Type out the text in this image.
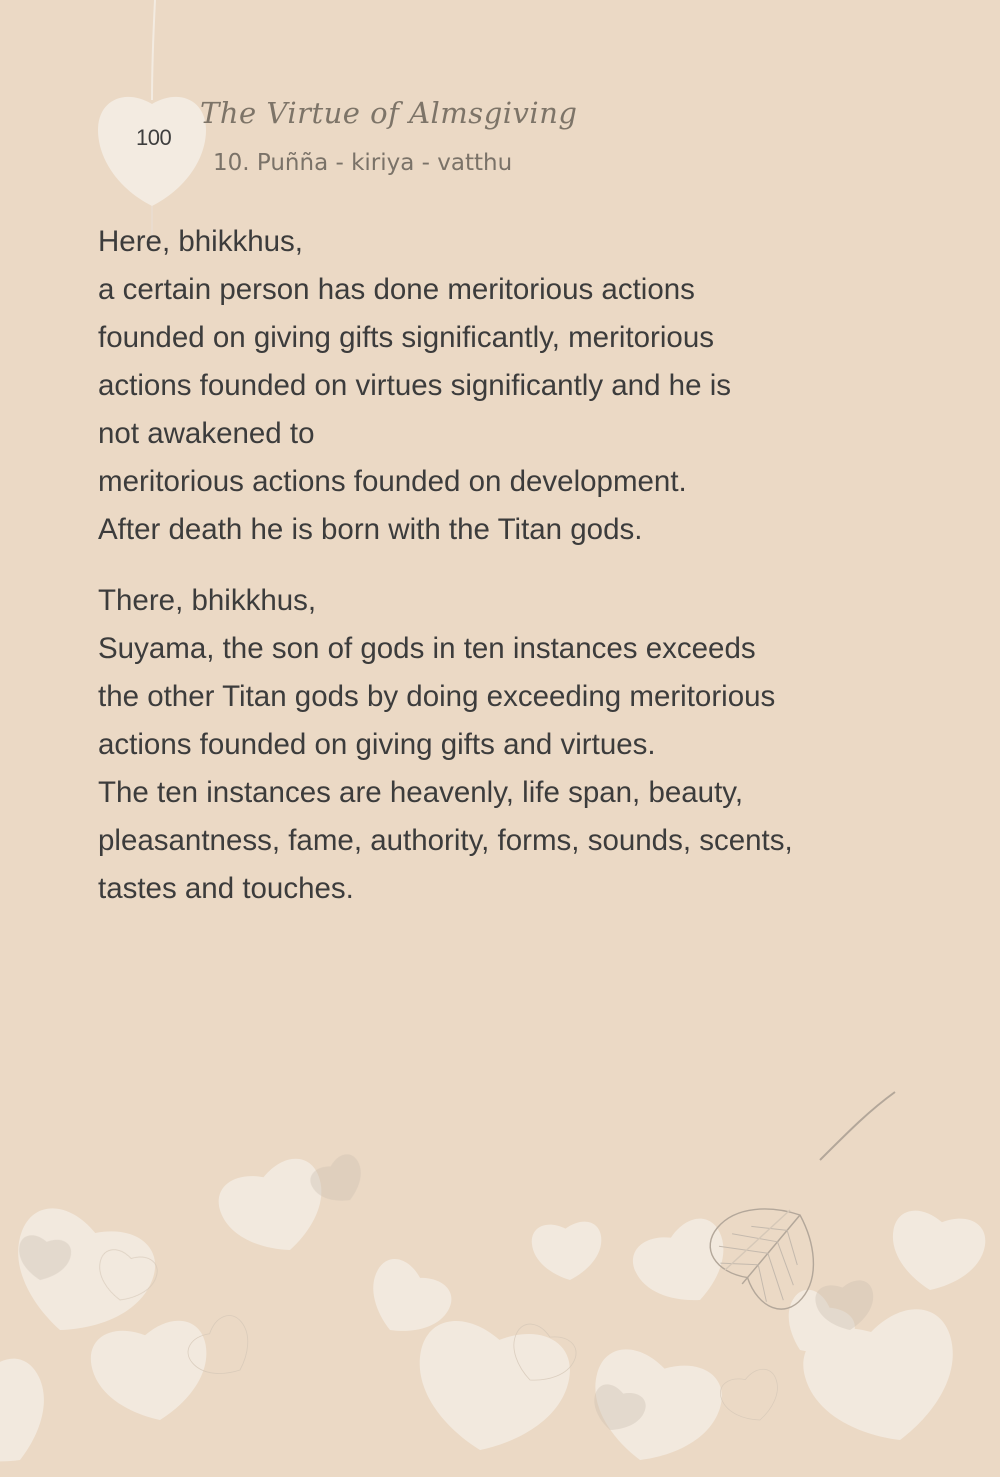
100
The Virtue of Almsgiving
10. Puñña - kiriya - vatthu
Here, bhikkhus,
a certain person has done meritorious actions
founded on giving gifts significantly, meritorious
actions founded on virtues significantly and he is
not awakened to
meritorious actions founded on development.
After death he is born with the Titan gods.
There, bhikkhus,
Suyama, the son of gods in ten instances exceeds
the other Titan gods by doing exceeding meritorious
actions founded on giving gifts and virtues.
The ten instances are heavenly, life span, beauty,
pleasantness, fame, authority, forms, sounds, scents,
tastes and touches.
